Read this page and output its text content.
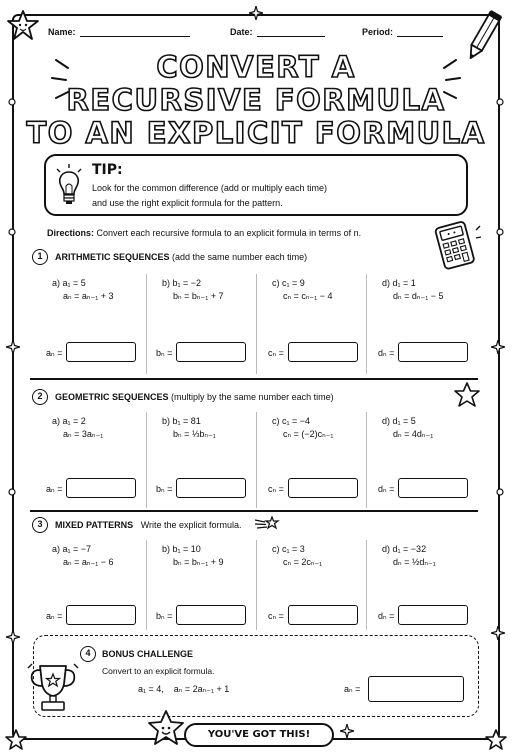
Name:	Date:	Period:
CONVERT A
RECURSIVE FORMULA
TO AN EXPLICIT FORMULA
TIP:
Look for the common difference (add or multiply each time)
and use the right explicit formula for the pattern.
Directions: Convert each recursive formula to an explicit formula in terms of n.
1	ARITHMETIC SEQUENCES (add the same number each time)
a) a₁ = 5
aₙ = aₙ₋₁ + 3
b) b₁ = −2
bₙ = bₙ₋₁ + 7
c) c₁ = 9
cₙ = cₙ₋₁ − 4
d) d₁ = 1
dₙ = dₙ₋₁ − 5
aₙ =	bₙ =	cₙ =	dₙ =
2	GEOMETRIC SEQUENCES (multiply by the same number each time)
a) a₁ = 2
aₙ = 3aₙ₋₁
b) b₁ = 81
bₙ = ⅓bₙ₋₁
c) c₁ = −4
cₙ = (−2)cₙ₋₁
d) d₁ = 5
dₙ = 4dₙ₋₁
aₙ =	bₙ =	cₙ =	dₙ =
3	MIXED PATTERNS Write the explicit formula.
a) a₁ = −7
aₙ = aₙ₋₁ − 6
b) b₁ = 10
bₙ = bₙ₋₁ + 9
c) c₁ = 3
cₙ = 2cₙ₋₁
d) d₁ = −32
dₙ = ½dₙ₋₁
aₙ =	bₙ =	cₙ =	dₙ =
4	BONUS CHALLENGE
Convert to an explicit formula.
a₁ = 4,    aₙ = 2aₙ₋₁ + 1	aₙ =
YOU'VE GOT THIS!
